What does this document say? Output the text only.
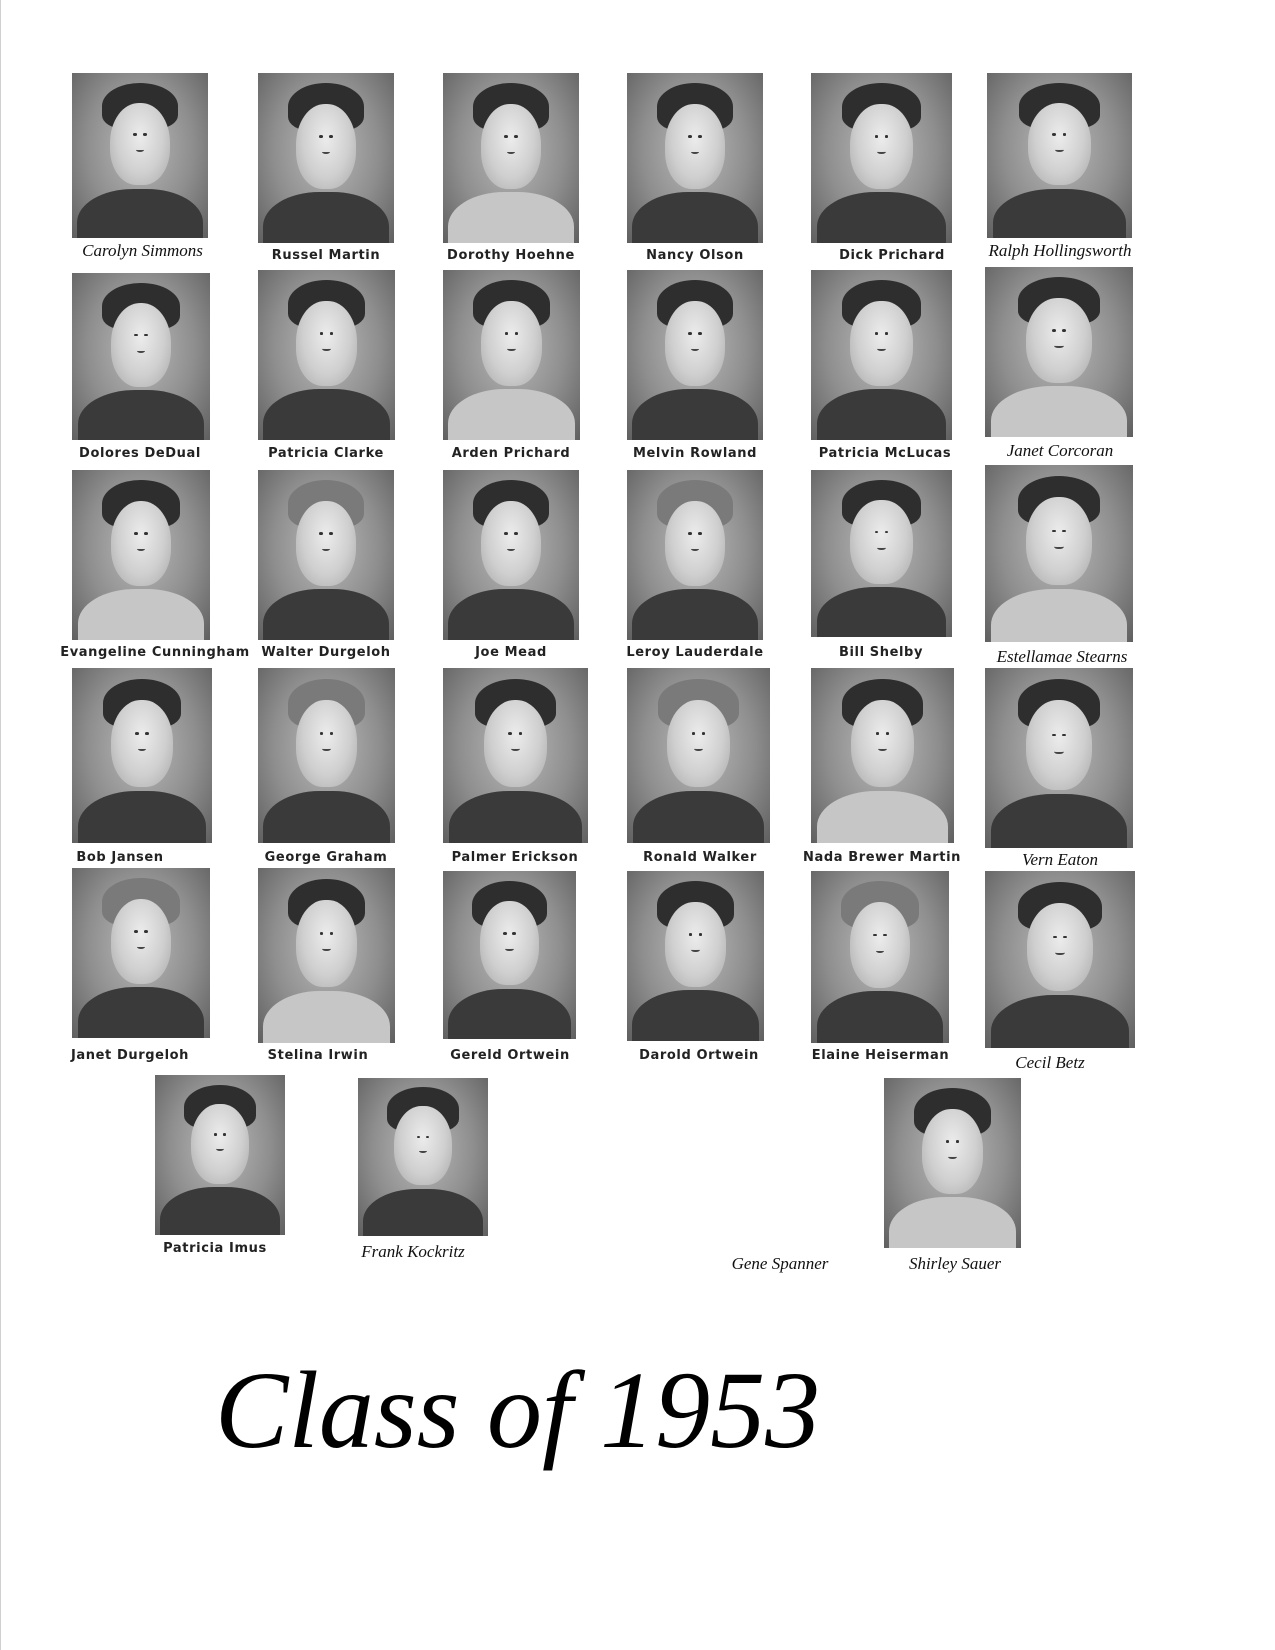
Carolyn Simmons	Russel Martin	Dorothy Hoehne	Nancy Olson	Dick Prichard	Ralph Hollingsworth
Dolores DeDual	Patricia Clarke	Arden Prichard	Melvin Rowland	Patricia McLucas	Janet Corcoran
Evangeline Cunningham Walter Durgeloh	Joe Mead	Leroy Lauderdale	Bill Shelby	Estellamae Stearns
Bob Jansen	George Graham	Palmer Erickson	Ronald Walker	Nada Brewer Martin	Vern Eaton
Janet Durgeloh	Stelina Irwin	Gereld Ortwein	Darold Ortwein	Elaine Heiserman	Cecil Betz
Patricia Imus	Frank Kockritz
Gene Spanner	Shirley Sauer
Class of 1953
